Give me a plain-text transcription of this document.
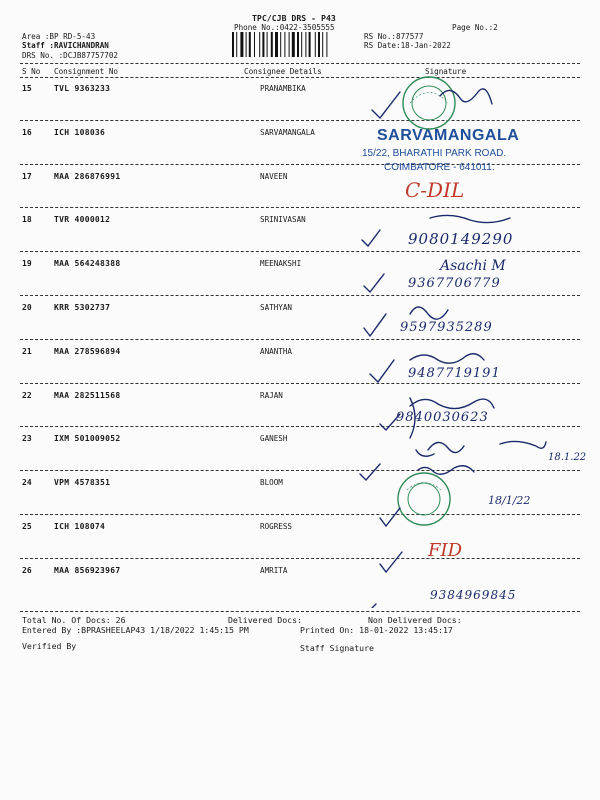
TPC/CJB DRS - P43
Phone No.:0422-3505555	Page No.:2
Area :BP RD-5-43
Staff :RAVICHANDRAN
DRS No. :DCJB87757702
RS No.:877577
RS Date:18-Jan-2022
S No Consignment No	Consignee Details	Signature
15	TVL 9363233	PRANAMBIKA
16	ICH 108036	SARVAMANGALA
17	MAA 286876991	NAVEEN
18	TVR 4000012	SRINIVASAN
19	MAA 564248388	MEENAKSHI
20	KRR 5302737	SATHYAN
21	MAA 278596894	ANANTHA
22	MAA 282511568	RAJAN
23	IXM 501009052	GANESH
24	VPM 4578351	BLOOM
25	ICH 108074	ROGRESS
26	MAA 856923967	AMRITA
SARVAMANGALA
15/22, BHARATHI PARK ROAD.
COIMBATORE - 641011.
C-DIL
9080149290
Asachi M
9367706779
9597935289
9487719191
9840030623
18.1.22
18/1/22
FID
9384969845
Total No. Of Docs: 26	Delivered Docs:	Non Delivered Docs:
Entered By :BPRASHEELAP43 1/18/2022 1:45:15 PM	Printed On: 18-01-2022 13:45:17
Verified By	Staff Signature
